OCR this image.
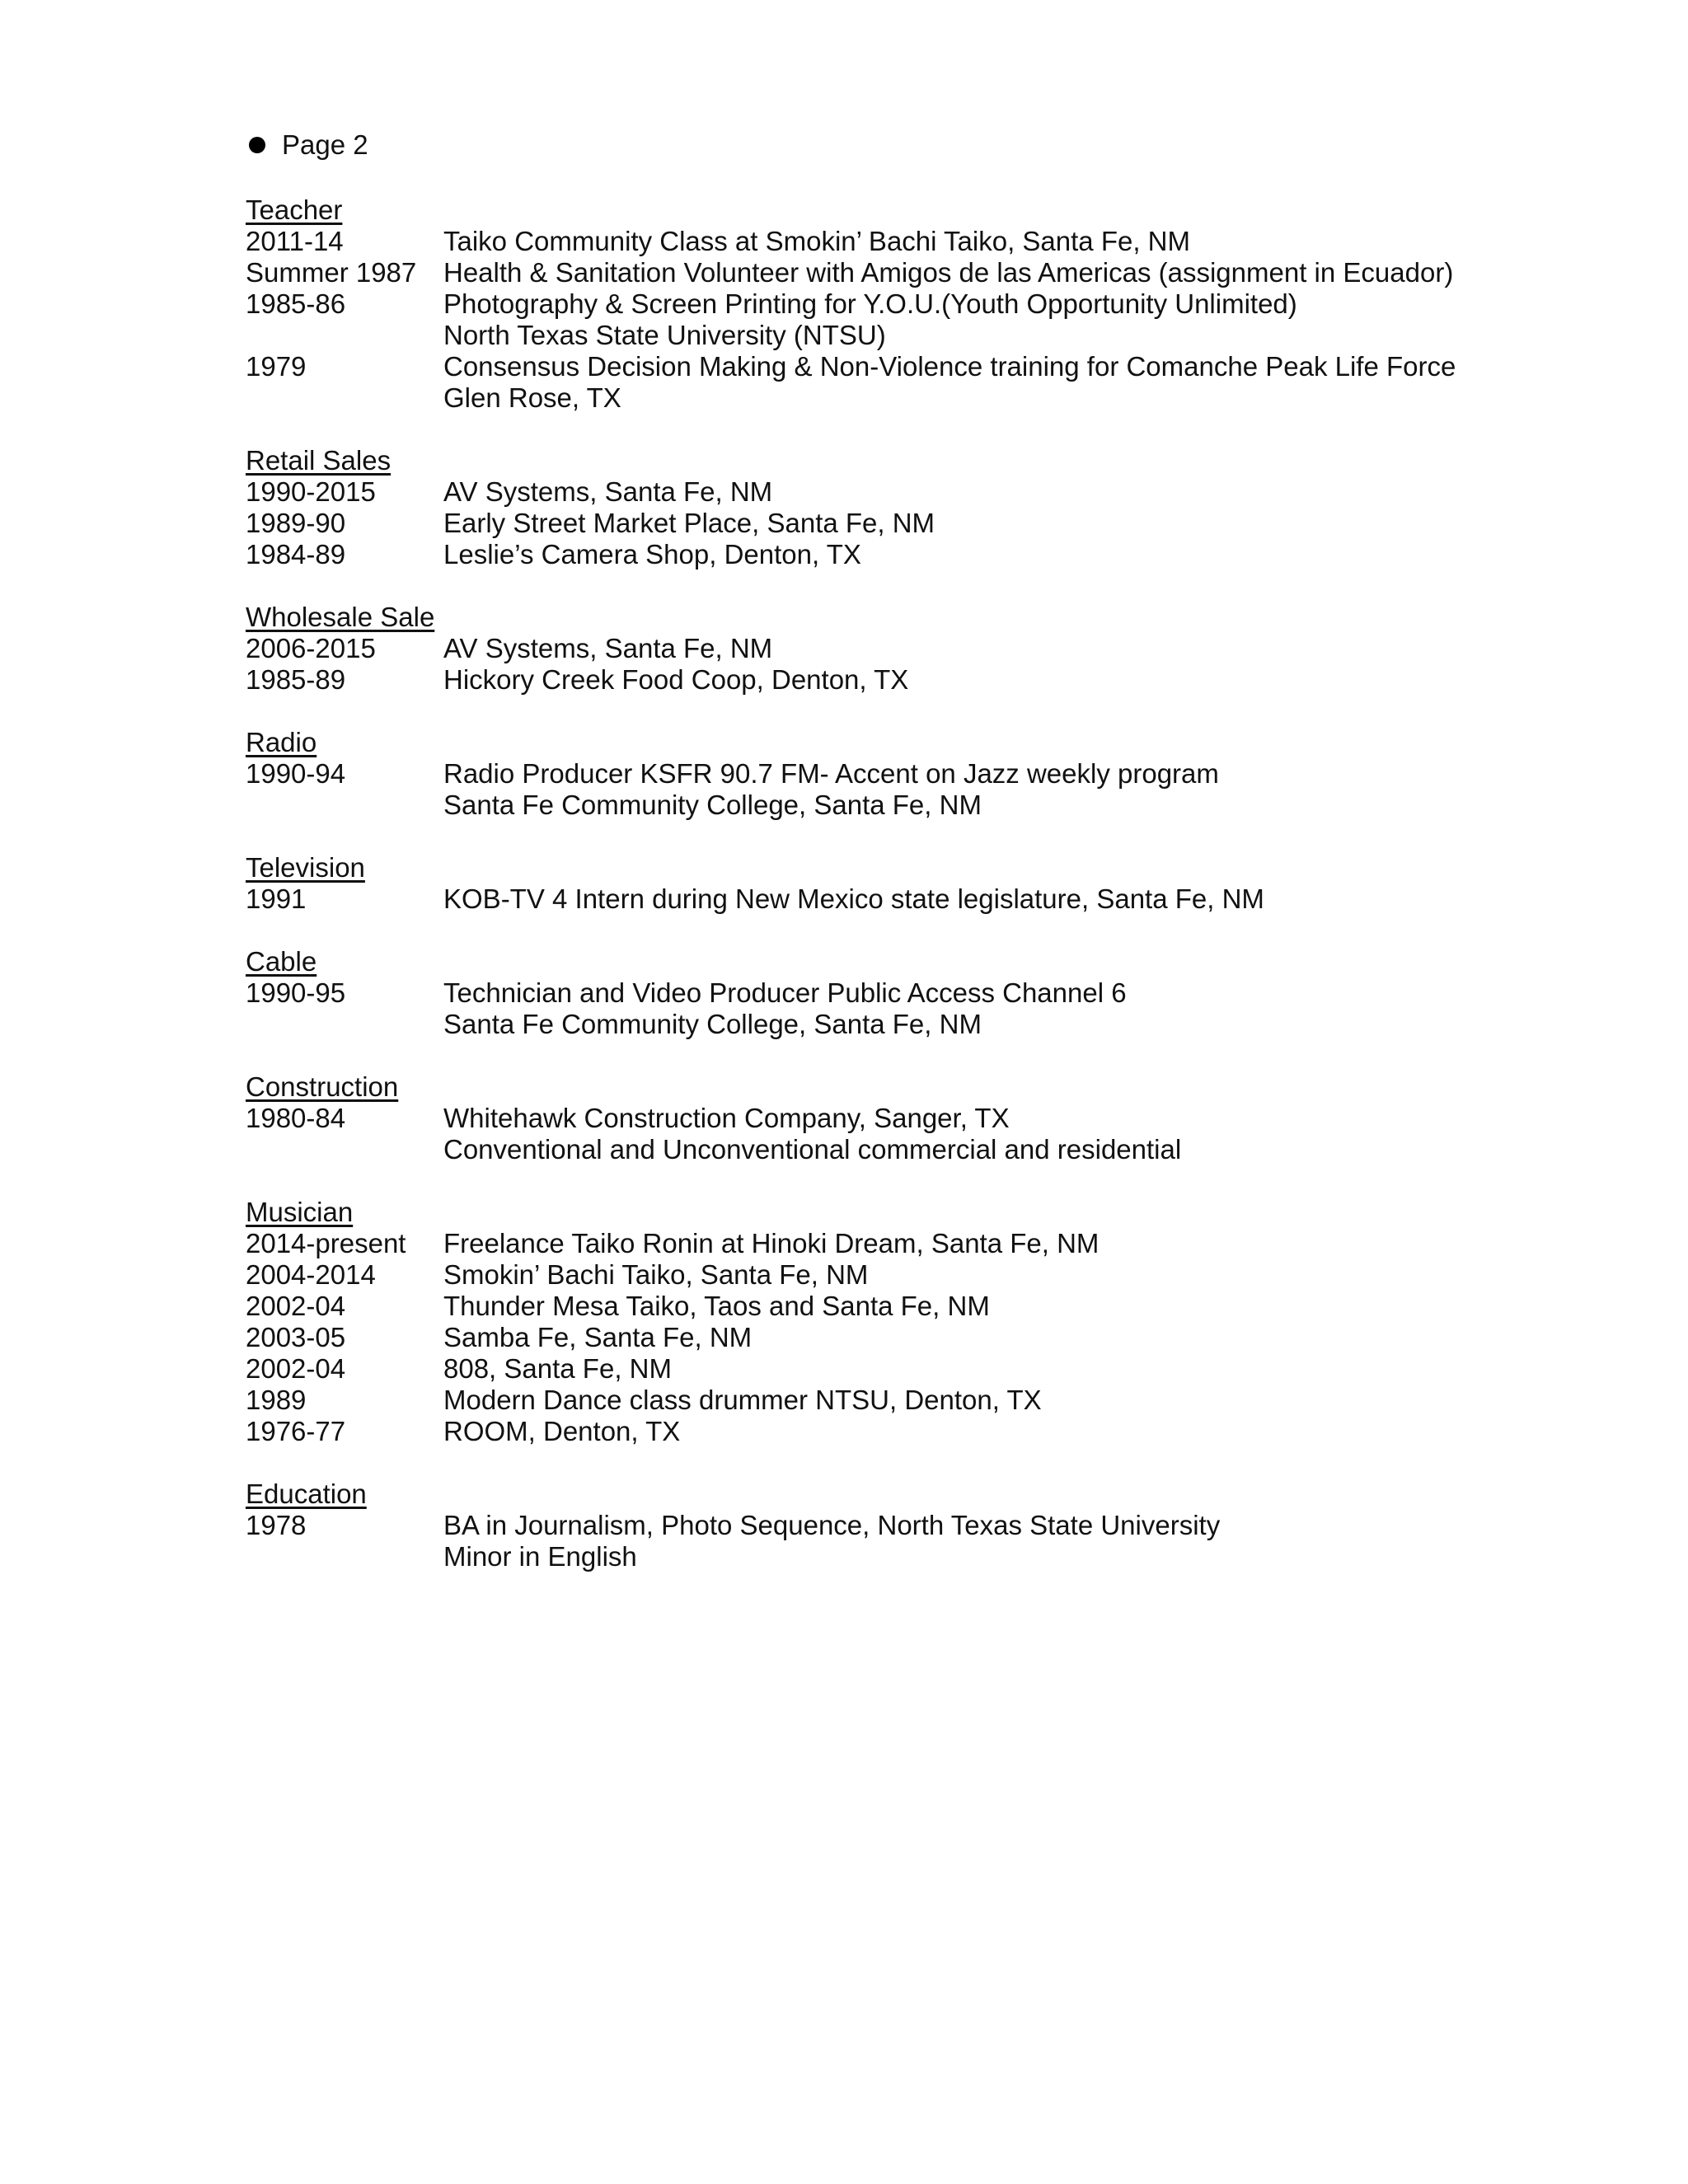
Page 2
Teacher
2011-14	Taiko Community Class at Smokin’ Bachi Taiko, Santa Fe, NM
Summer 1987 Health & Sanitation Volunteer with Amigos de las Americas (assignment in Ecuador)
1985-86	Photography & Screen Printing for Y.O.U.(Youth Opportunity Unlimited)
North Texas State University (NTSU)
1979	Consensus Decision Making & Non-Violence training for Comanche Peak Life Force
Glen Rose, TX
Retail Sales
1990-2015	AV Systems, Santa Fe, NM
1989-90	Early Street Market Place, Santa Fe, NM
1984-89	Leslie’s Camera Shop, Denton, TX
Wholesale Sale
2006-2015	AV Systems, Santa Fe, NM
1985-89	Hickory Creek Food Coop, Denton, TX
Radio
1990-94	Radio Producer KSFR 90.7 FM- Accent on Jazz weekly program
Santa Fe Community College, Santa Fe, NM
Television
1991	KOB-TV 4 Intern during New Mexico state legislature, Santa Fe, NM
Cable
1990-95	Technician and Video Producer Public Access Channel 6
Santa Fe Community College, Santa Fe, NM
Construction
1980-84	Whitehawk Construction Company, Sanger, TX
Conventional and Unconventional commercial and residential
Musician
2014-present	Freelance Taiko Ronin at Hinoki Dream, Santa Fe, NM
2004-2014	Smokin’ Bachi Taiko, Santa Fe, NM
2002-04	Thunder Mesa Taiko, Taos and Santa Fe, NM
2003-05	Samba Fe, Santa Fe, NM
2002-04	808, Santa Fe, NM
1989	Modern Dance class drummer NTSU, Denton, TX
1976-77	ROOM, Denton, TX
Education
1978	BA in Journalism, Photo Sequence, North Texas State University
Minor in English
